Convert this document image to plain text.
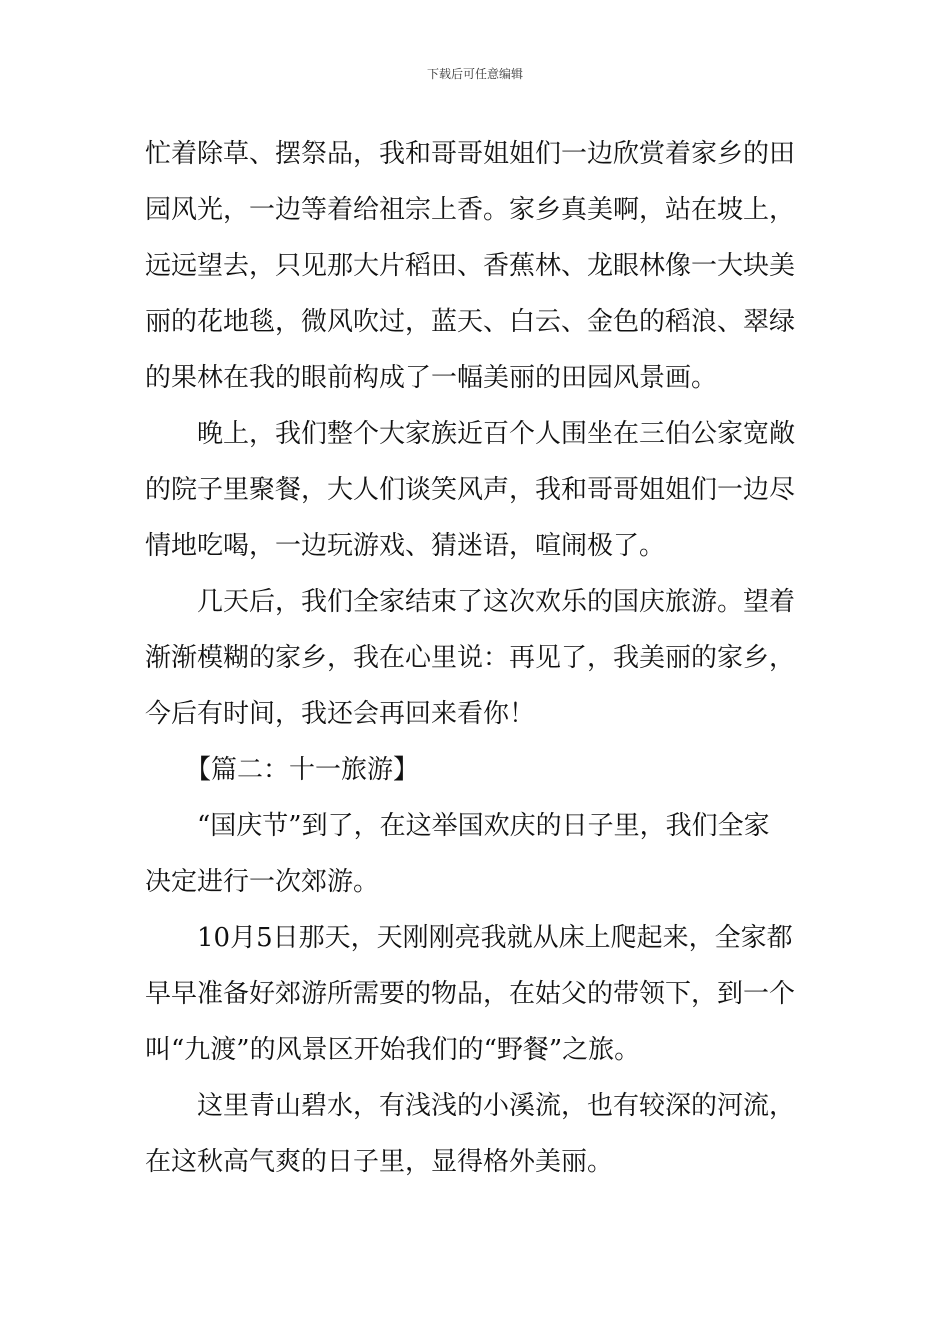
下载后可任意编辑
忙着除草、摆祭品，我和哥哥姐姐们一边欣赏着家乡的田
园风光，一边等着给祖宗上香。家乡真美啊，站在坡上，
远远望去，只见那大片稻田、香蕉林、龙眼林像一大块美
丽的花地毯，微风吹过，蓝天、白云、金色的稻浪、翠绿
的果林在我的眼前构成了一幅美丽的田园风景画。
晚上，我们整个大家族近百个人围坐在三伯公家宽敞
的院子里聚餐，大人们谈笑风声，我和哥哥姐姐们一边尽
情地吃喝，一边玩游戏、猜迷语，喧闹极了。
几天后，我们全家结束了这次欢乐的国庆旅游。望着
渐渐模糊的家乡，我在心里说：再见了，我美丽的家乡，
今后有时间，我还会再回来看你！
【篇二：十一旅游】
“国庆节”到了，在这举国欢庆的日子里，我们全家
决定进行一次郊游。
10月5日那天，天刚刚亮我就从床上爬起来，全家都
早早准备好郊游所需要的物品，在姑父的带领下，到一个
叫“九渡”的风景区开始我们的“野餐”之旅。
这里青山碧水，有浅浅的小溪流，也有较深的河流，
在这秋高气爽的日子里，显得格外美丽。
